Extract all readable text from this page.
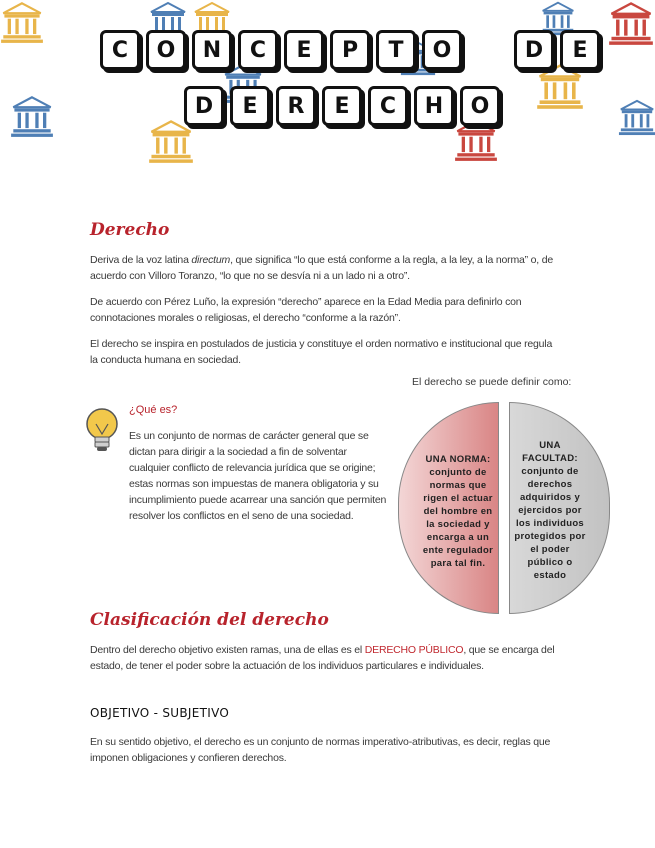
C	O	N	C	E	P	T	O	D	E
D	E	R	E	C	H	O
Derecho

Deriva de la voz latina directum, que significa “lo que está conforme a la regla, a la ley, a la norma” o, de acuerdo con Villoro Toranzo, “lo que no se desvía ni a un lado ni a otro”.

De acuerdo con Pérez Luño, la expresión “derecho” aparece en la Edad Media para definirlo con connotaciones morales o religiosas, el derecho “conforme a la razón”.

El derecho se inspira en postulados de justicia y constituye el orden normativo e institucional que regula la conducta humana en sociedad.

El derecho se puede definir como:

¿Qué es?

Es un conjunto de normas de carácter general que se dictan para dirigir a la sociedad a fin de solventar cualquier conflicto de relevancia jurídica que se origine; estas normas son impuestas de manera obligatoria y su incumplimiento puede acarrear una sanción que permiten resolver los conflictos en el seno de una sociedad.

UNA NORMA: conjunto de normas que rigen el actuar del hombre en la sociedad y encarga a un ente regulador para tal fin.
UNA FACULTAD: conjunto de derechos adquiridos y ejercidos por los individuos protegidos por el poder público o estado
Clasificación del derecho

Dentro del derecho objetivo existen ramas, una de ellas es el DERECHO PÚBLICO, que se encarga del estado, de tener el poder sobre la actuación de los individuos particulares e individuales.

OBJETIVO - SUBJETIVO

En su sentido objetivo, el derecho es un conjunto de normas imperativo-atributivas, es decir, reglas que imponen obligaciones y confieren derechos.
